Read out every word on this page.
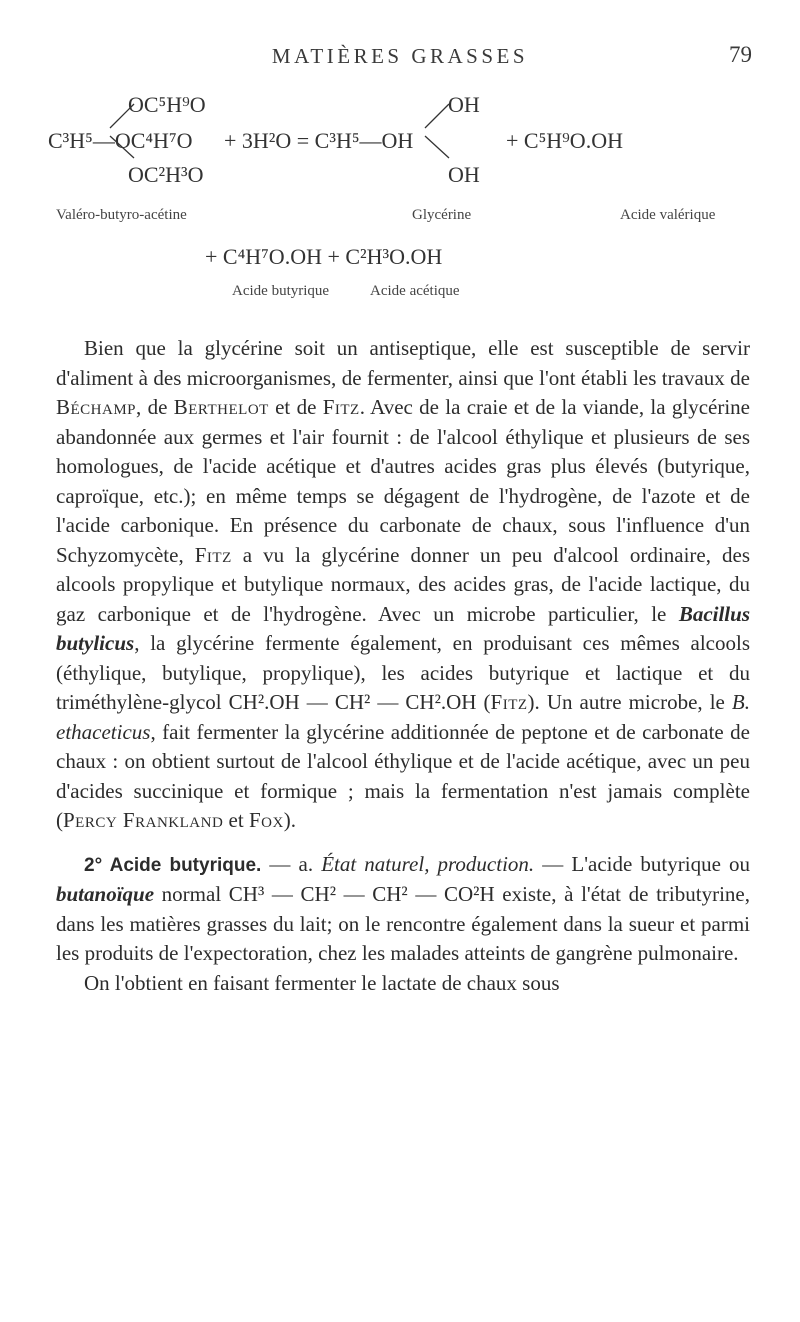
MATIÈRES GRASSES	79
OC⁵H⁹O	OH
C³H⁵—OC⁴H⁷O + 3H²O = C³H⁵—OH	+ C⁵H⁹O.OH
OC²H³O	OH
Valéro-butyro-acétine	Glycérine	Acide valérique
+ C⁴H⁷O.OH + C²H³O.OH
Acide butyrique	Acide acétique

Bien que la glycérine soit un antiseptique, elle est susceptible de servir d'aliment à des microorganismes, de fermenter, ainsi que l'ont établi les travaux de Béchamp, de Berthelot et de Fitz. Avec de la craie et de la viande, la glycérine abandonnée aux germes et l'air fournit : de l'alcool éthylique et plusieurs de ses homologues, de l'acide acétique et d'autres acides gras plus élevés (butyrique, caproïque, etc.); en même temps se dégagent de l'hydrogène, de l'azote et de l'acide carbonique. En présence du carbonate de chaux, sous l'influence d'un Schyzomycète, Fitz a vu la glycérine donner un peu d'alcool ordinaire, des alcools propylique et butylique normaux, des acides gras, de l'acide lactique, du gaz carbonique et de l'hydrogène. Avec un microbe particulier, le Bacillus butylicus, la glycérine fermente également, en produisant ces mêmes alcools (éthylique, butylique, propylique), les acides butyrique et lactique et du triméthylène-glycol CH².OH — CH² — CH².OH (Fitz). Un autre microbe, le B. ethaceticus, fait fermenter la glycérine additionnée de peptone et de carbonate de chaux : on obtient surtout de l'alcool éthylique et de l'acide acétique, avec un peu d'acides succinique et formique ; mais la fermentation n'est jamais complète (Percy Frankland et Fox).

2° Acide butyrique. — a. État naturel, production. — L'acide butyrique ou butanoïque normal CH³ — CH² — CH² — CO²H existe, à l'état de tributyrine, dans les matières grasses du lait; on le rencontre également dans la sueur et parmi les produits de l'expectoration, chez les malades atteints de gangrène pulmonaire.

On l'obtient en faisant fermenter le lactate de chaux sous
